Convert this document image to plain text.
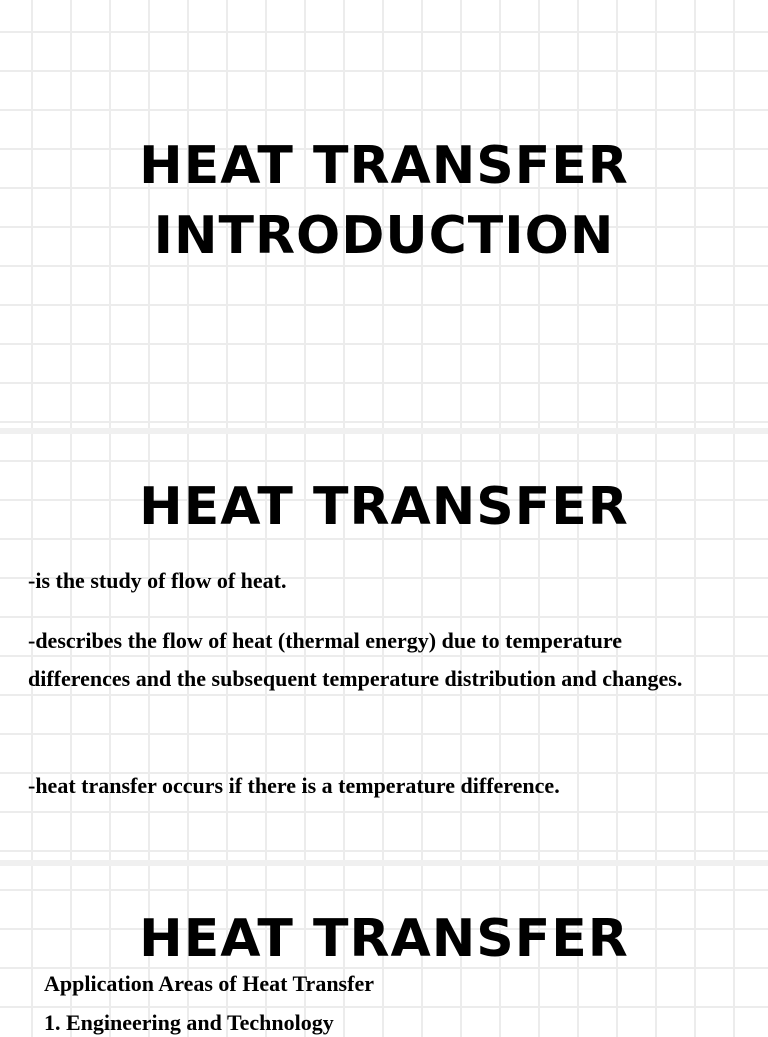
HEAT TRANSFER
INTRODUCTION
HEAT TRANSFER

-is the study of flow of heat.

-describes the flow of heat (thermal energy) due to temperature differences and the subsequent temperature distribution and changes.

-heat transfer occurs if there is a temperature difference.

HEAT TRANSFER

Application Areas of Heat Transfer

1. Engineering and Technology
